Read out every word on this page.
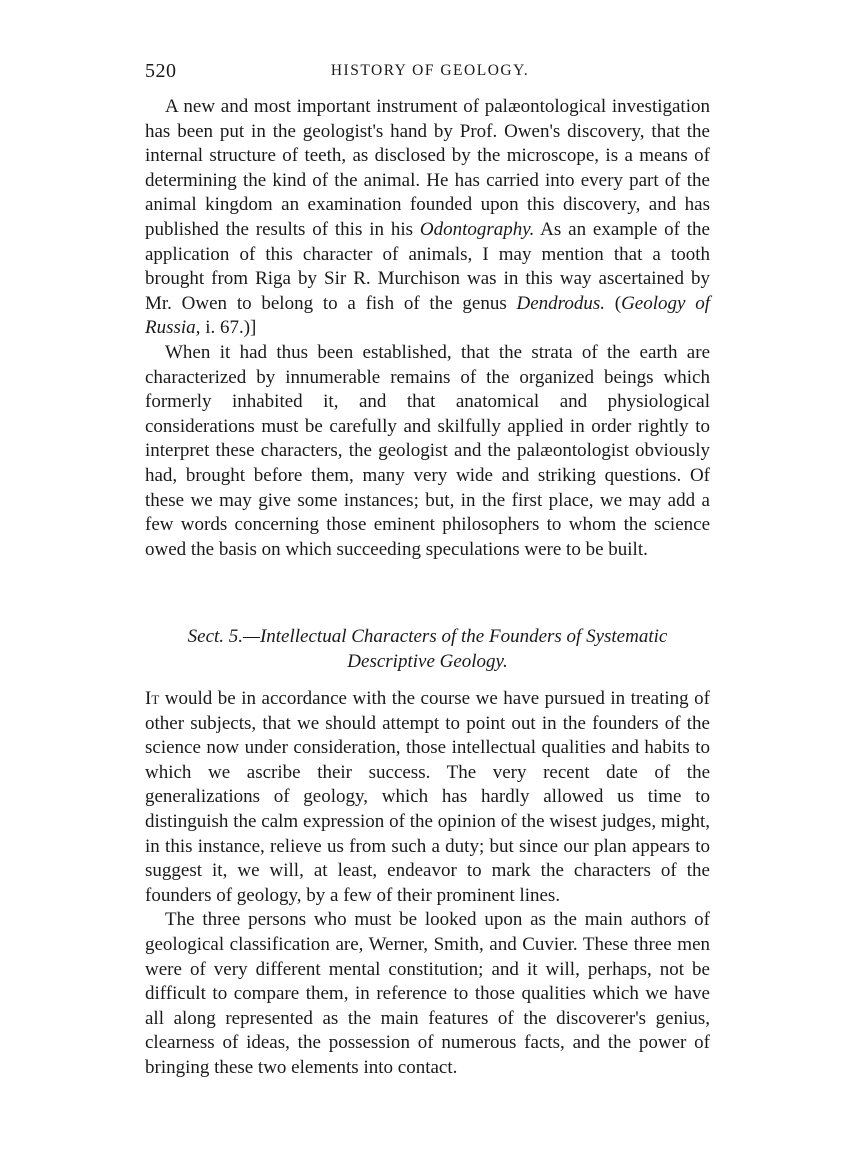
520	HISTORY OF GEOLOGY.

A new and most important instrument of palæontological investigation has been put in the geologist's hand by Prof. Owen's discovery, that the internal structure of teeth, as disclosed by the microscope, is a means of determining the kind of the animal. He has carried into every part of the animal kingdom an examination founded upon this discovery, and has published the results of this in his Odontography. As an example of the application of this character of animals, I may mention that a tooth brought from Riga by Sir R. Murchison was in this way ascertained by Mr. Owen to belong to a fish of the genus Dendrodus. (Geology of Russia, i. 67.)]

When it had thus been established, that the strata of the earth are characterized by innumerable remains of the organized beings which formerly inhabited it, and that anatomical and physiological considerations must be carefully and skilfully applied in order rightly to interpret these characters, the geologist and the palæontologist obviously had, brought before them, many very wide and striking questions. Of these we may give some instances; but, in the first place, we may add a few words concerning those eminent philosophers to whom the science owed the basis on which succeeding speculations were to be built.

Sect. 5.—Intellectual Characters of the Founders of Systematic Descriptive Geology.

It would be in accordance with the course we have pursued in treating of other subjects, that we should attempt to point out in the founders of the science now under consideration, those intellectual qualities and habits to which we ascribe their success. The very recent date of the generalizations of geology, which has hardly allowed us time to distinguish the calm expression of the opinion of the wisest judges, might, in this instance, relieve us from such a duty; but since our plan appears to suggest it, we will, at least, endeavor to mark the characters of the founders of geology, by a few of their prominent lines.

The three persons who must be looked upon as the main authors of geological classification are, Werner, Smith, and Cuvier. These three men were of very different mental constitution; and it will, perhaps, not be difficult to compare them, in reference to those qualities which we have all along represented as the main features of the discoverer's genius, clearness of ideas, the possession of numerous facts, and the power of bringing these two elements into contact.
